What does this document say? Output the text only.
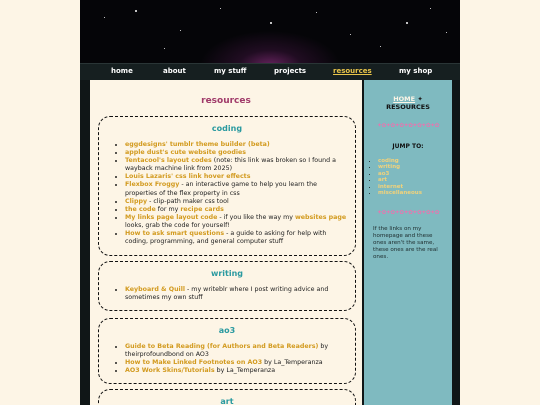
home	about	my stuff	projects	resources	my shop
resources
coding
• eggdesigns' tumblr theme builder (beta)
• apple dust's cute website goodies
• Tentacool's layout codes (note: this link was broken so I found a wayback machine link from 2025)
• Louis Lazaris' css link hover effects
• Flexbox Froggy - an interactive game to help you learn the properties of the flex property in css
• Clippy - clip-path maker css tool
• the code for my recipe cards
• My links page layout code - if you like the way my websites page looks, grab the code for yourself!
• How to ask smart questions - a guide to asking for help with coding, programming, and general computer stuff
writing
• Keyboard & Quill - my writeblr where I post writing advice and sometimes my own stuff
ao3
• Guide to Beta Reading (for Authors and Beta Readers) by theirprofoundbond on AO3
• How to Make Linked Footnotes on AO3 by La_Temperanza
• AO3 Work Skins/Tutorials by La_Temperanza
art
HOME ✦
RESOURCES
✦✿✦✿✦✿✦✿✦✿✦✿✦✿
JUMP TO:
• coding
• writing
• ao3
• art
• internet
• miscellaneous
✦✿✦✿✦✿✦✿✦✿✦✿✦✿

If the links on my homepage and these ones aren't the same, these ones are the real ones.
